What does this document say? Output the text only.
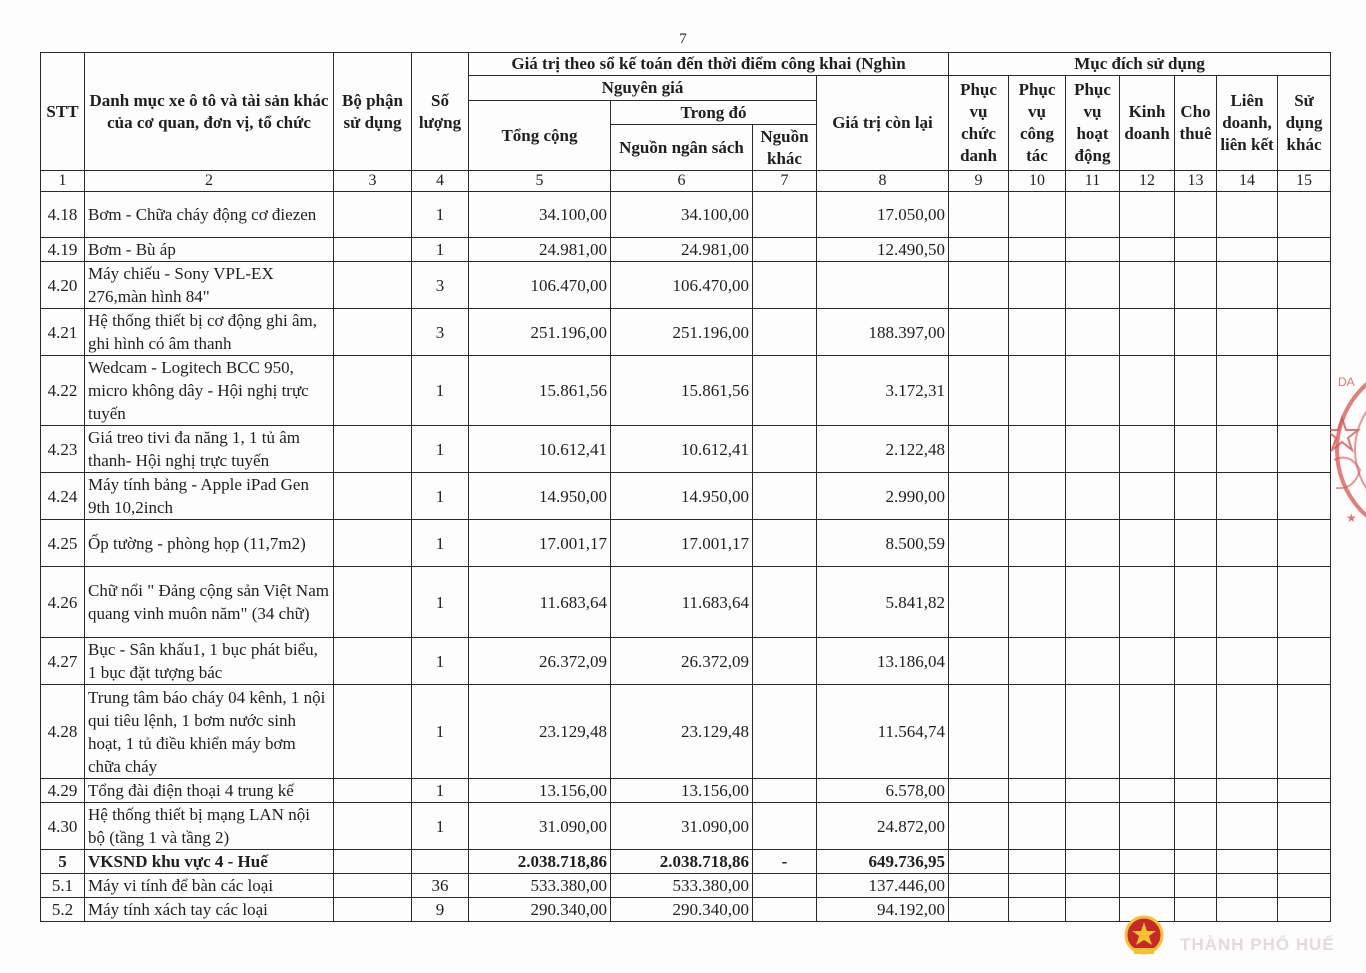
7
STT	Danh mục xe ô tô và tài sản khác của cơ quan, đơn vị, tổ chức	Bộ phận sử dụng	Số lượng	Giá trị theo sổ kế toán đến thời điểm công khai (Nghìn				Mục đích sử dụng						
				Nguyên giá			Giá trị còn lại	Phục vụ chức danh	Phục vụ công tác	Phục vụ hoạt động	Kinh doanh	Cho thuê	Liên doanh, liên kết	Sử dụng khác
				Tổng cộng	Trong đó									
					Nguồn ngân sách	Nguồn khác								
1	2	3	4	5	6	7	8	9	10	11	12	13	14	15
4.18	Bơm - Chữa cháy động cơ điezen		1	34.100,00	34.100,00		17.050,00							
4.19	Bơm - Bù áp		1	24.981,00	24.981,00		12.490,50							
4.20	Máy chiếu - Sony VPL-EX 276,màn hình 84"		3	106.470,00	106.470,00									
4.21	Hệ thống thiết bị cơ động ghi âm, ghi hình có âm thanh		3	251.196,00	251.196,00		188.397,00							
4.22	Wedcam - Logitech BCC 950, micro không dây - Hội nghị trực tuyến		1	15.861,56	15.861,56		3.172,31							
4.23	Giá treo tivi đa năng 1, 1 tủ âm thanh- Hội nghị trực tuyến		1	10.612,41	10.612,41		2.122,48							
4.24	Máy tính bảng - Apple iPad Gen 9th 10,2inch		1	14.950,00	14.950,00		2.990,00							
4.25	Ốp tường - phòng họp (11,7m2)		1	17.001,17	17.001,17		8.500,59							
4.26	Chữ nổi " Đảng cộng sản Việt Nam quang vinh muôn năm" (34 chữ)		1	11.683,64	11.683,64		5.841,82							
4.27	Bục - Sân khấu1, 1 bục phát biểu, 1 bục đặt tượng bác		1	26.372,09	26.372,09		13.186,04							
4.28	Trung tâm báo cháy 04 kênh, 1 nội qui tiêu lệnh, 1 bơm nước sinh hoạt, 1 tủ điều khiển máy bơm chữa cháy		1	23.129,48	23.129,48		11.564,74							
4.29	Tổng đài điện thoại 4 trung kế		1	13.156,00	13.156,00		6.578,00							
4.30	Hệ thống thiết bị mạng LAN nội bộ (tầng 1 và tầng 2)		1	31.090,00	31.090,00		24.872,00							
5	VKSND khu vực 4 - Huế			2.038.718,86	2.038.718,86	-	649.736,95							
5.1	Máy vi tính để bàn các loại		36	533.380,00	533.380,00		137.446,00							
5.2	Máy tính xách tay các loại		9	290.340,00	290.340,00		94.192,00							
DA
★
THÀNH PHỐ HUẾ
